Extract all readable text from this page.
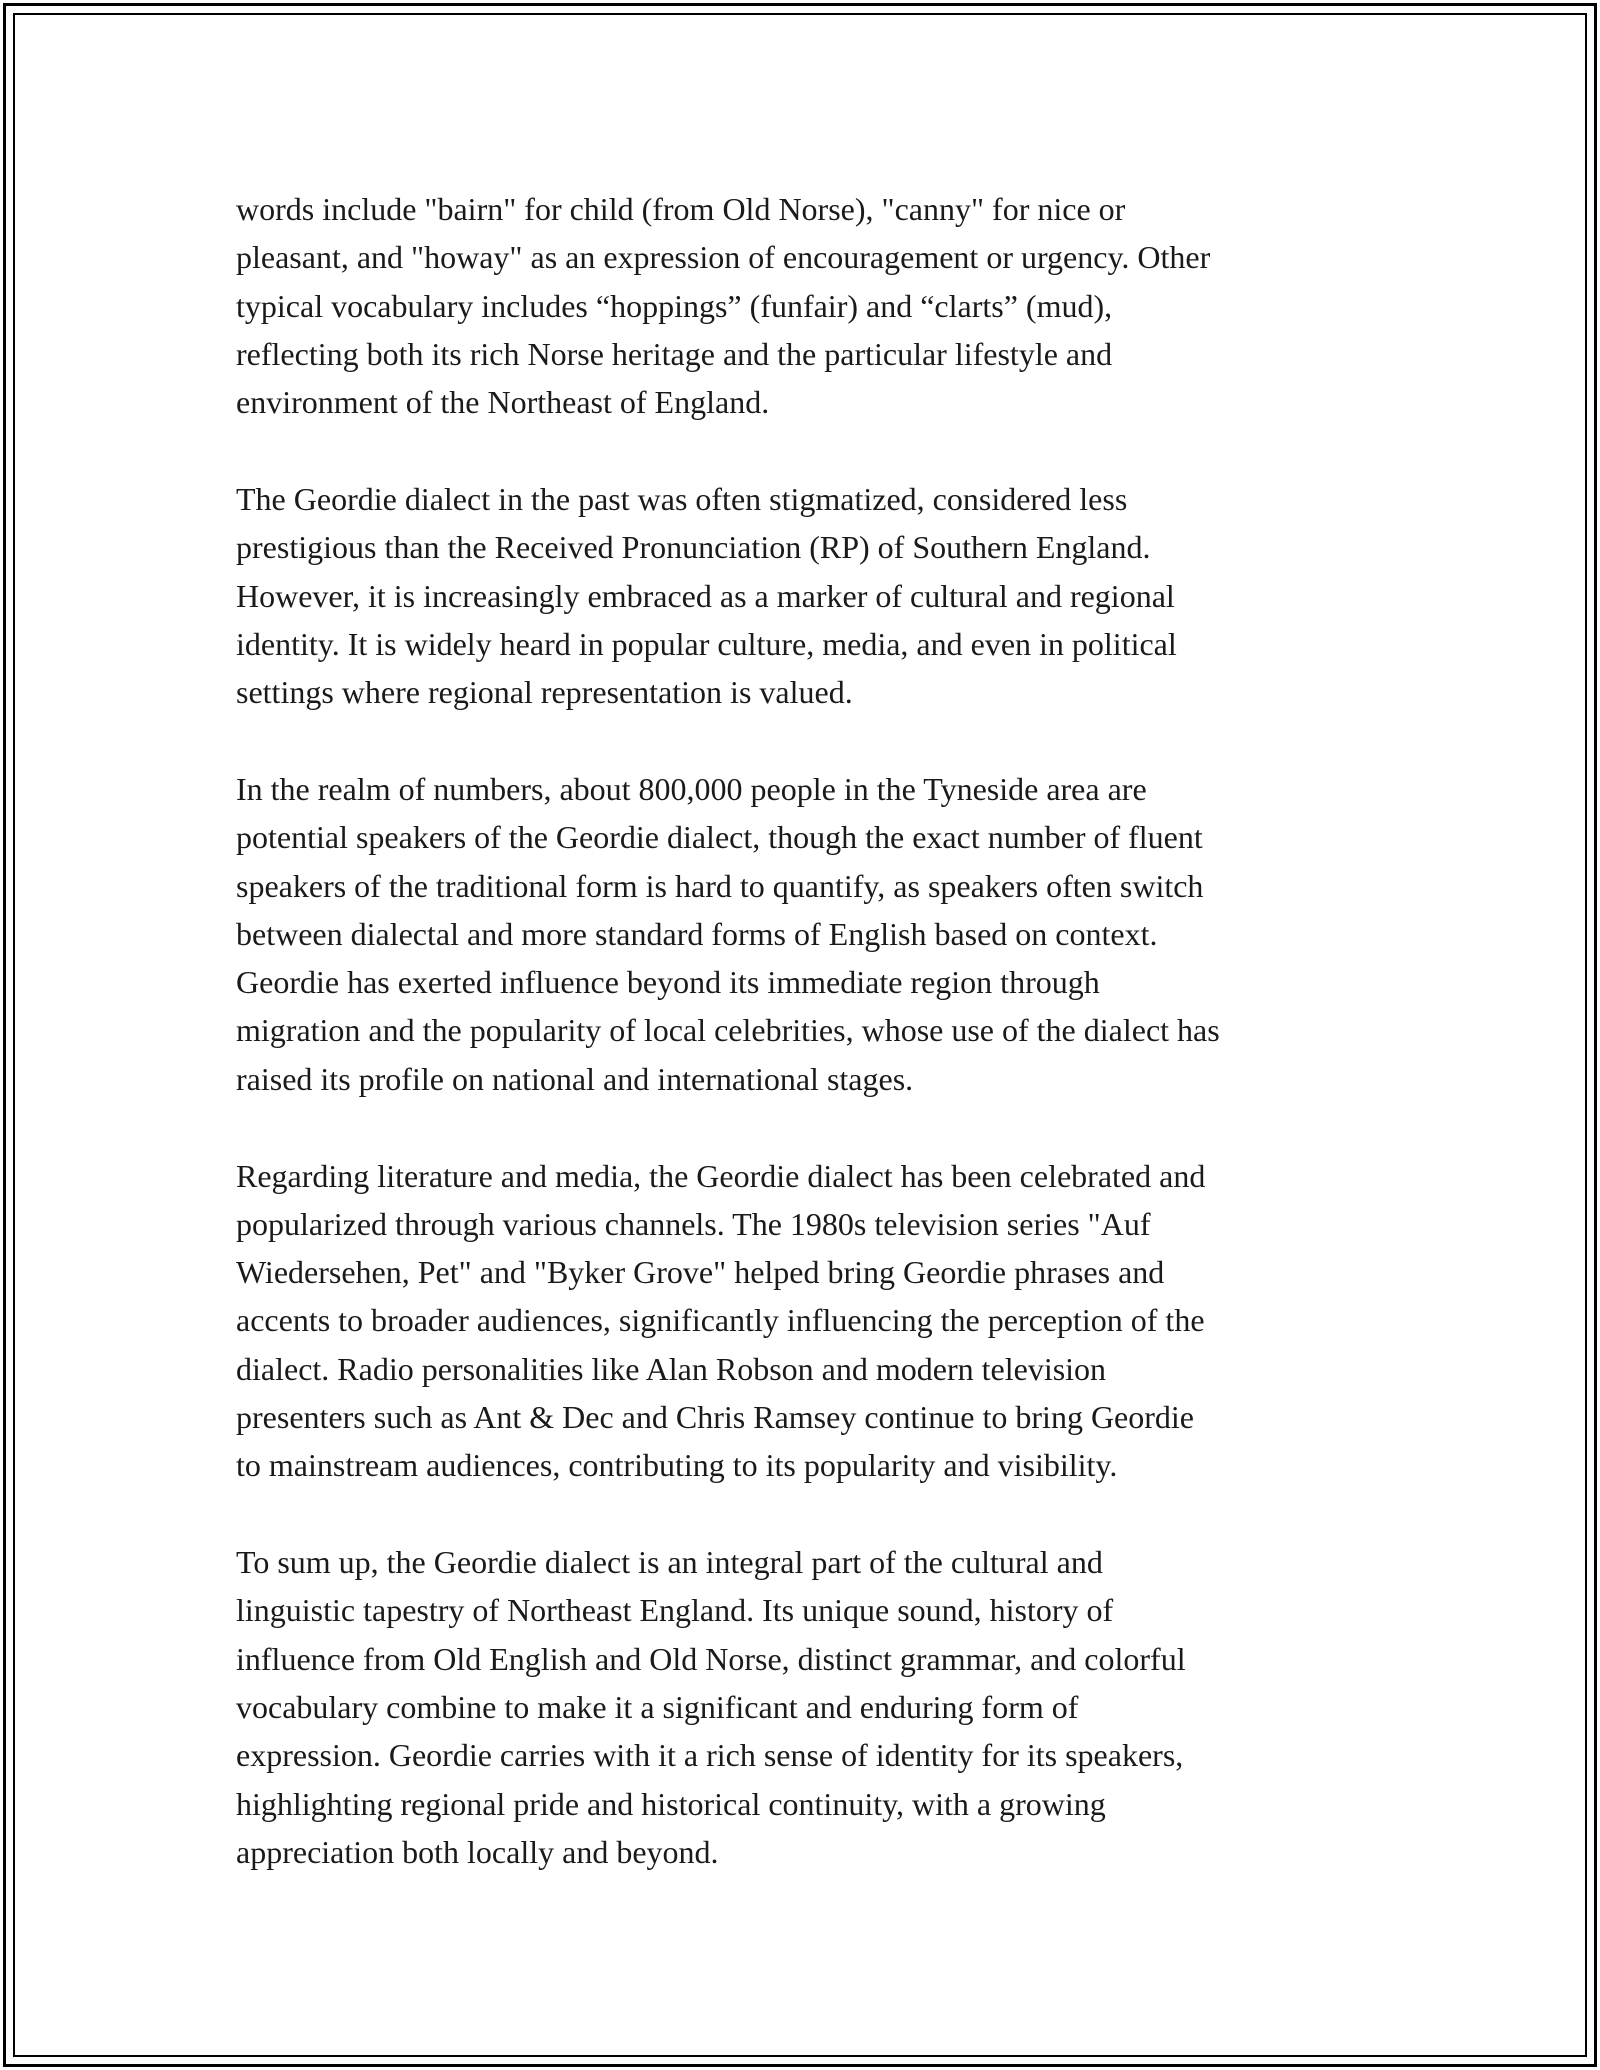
words include "bairn" for child (from Old Norse), "canny" for nice or
pleasant, and "howay" as an expression of encouragement or urgency. Other
typical vocabulary includes “hoppings” (funfair) and “clarts” (mud),
reflecting both its rich Norse heritage and the particular lifestyle and
environment of the Northeast of England.

The Geordie dialect in the past was often stigmatized, considered less
prestigious than the Received Pronunciation (RP) of Southern England.
However, it is increasingly embraced as a marker of cultural and regional
identity. It is widely heard in popular culture, media, and even in political
settings where regional representation is valued.

In the realm of numbers, about 800,000 people in the Tyneside area are
potential speakers of the Geordie dialect, though the exact number of fluent
speakers of the traditional form is hard to quantify, as speakers often switch
between dialectal and more standard forms of English based on context.
Geordie has exerted influence beyond its immediate region through
migration and the popularity of local celebrities, whose use of the dialect has
raised its profile on national and international stages.

Regarding literature and media, the Geordie dialect has been celebrated and
popularized through various channels. The 1980s television series "Auf
Wiedersehen, Pet" and "Byker Grove" helped bring Geordie phrases and
accents to broader audiences, significantly influencing the perception of the
dialect. Radio personalities like Alan Robson and modern television
presenters such as Ant & Dec and Chris Ramsey continue to bring Geordie
to mainstream audiences, contributing to its popularity and visibility.

To sum up, the Geordie dialect is an integral part of the cultural and
linguistic tapestry of Northeast England. Its unique sound, history of
influence from Old English and Old Norse, distinct grammar, and colorful
vocabulary combine to make it a significant and enduring form of
expression. Geordie carries with it a rich sense of identity for its speakers,
highlighting regional pride and historical continuity, with a growing
appreciation both locally and beyond.
